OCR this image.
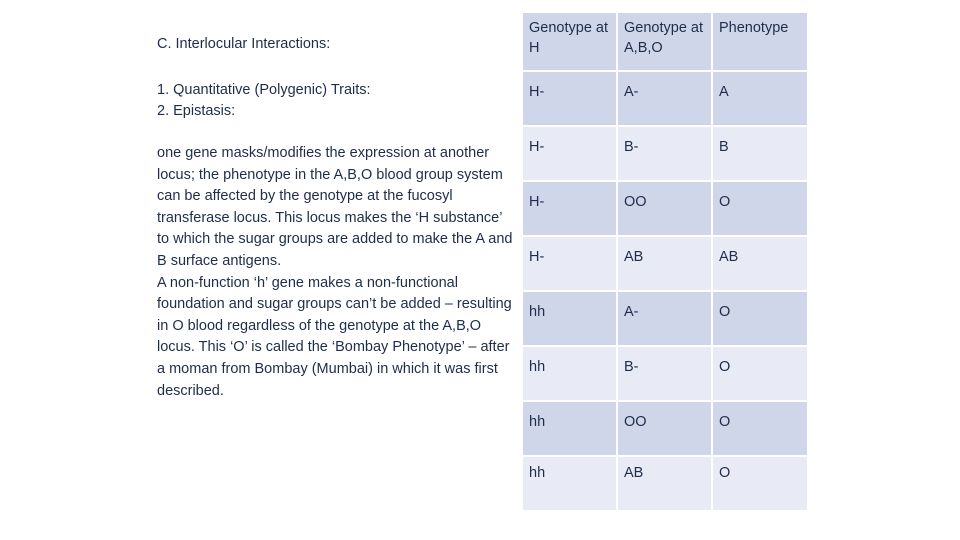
C. Interlocular Interactions:
1. Quantitative (Polygenic) Traits:
2. Epistasis:

one gene masks/modifies the expression at another locus; the phenotype in the A,B,O blood group system can be affected by the genotype at the fucosyl transferase locus. This locus makes the ‘H substance’ to which the sugar groups are added to make the A and B surface antigens.

A non-function ‘h’ gene makes a non-functional foundation and sugar groups can’t be added – resulting in O blood regardless of the genotype at the A,B,O locus. This ‘O’ is called the ‘Bombay Phenotype’ – after a moman from Bombay (Mumbai) in which it was first described.

Genotype at H	Genotype at A,B,O	Phenotype
H-	A-	A
H-	B-	B
H-	OO	O
H-	AB	AB
hh	A-	O
hh	B-	O
hh	OO	O
hh	AB	O
